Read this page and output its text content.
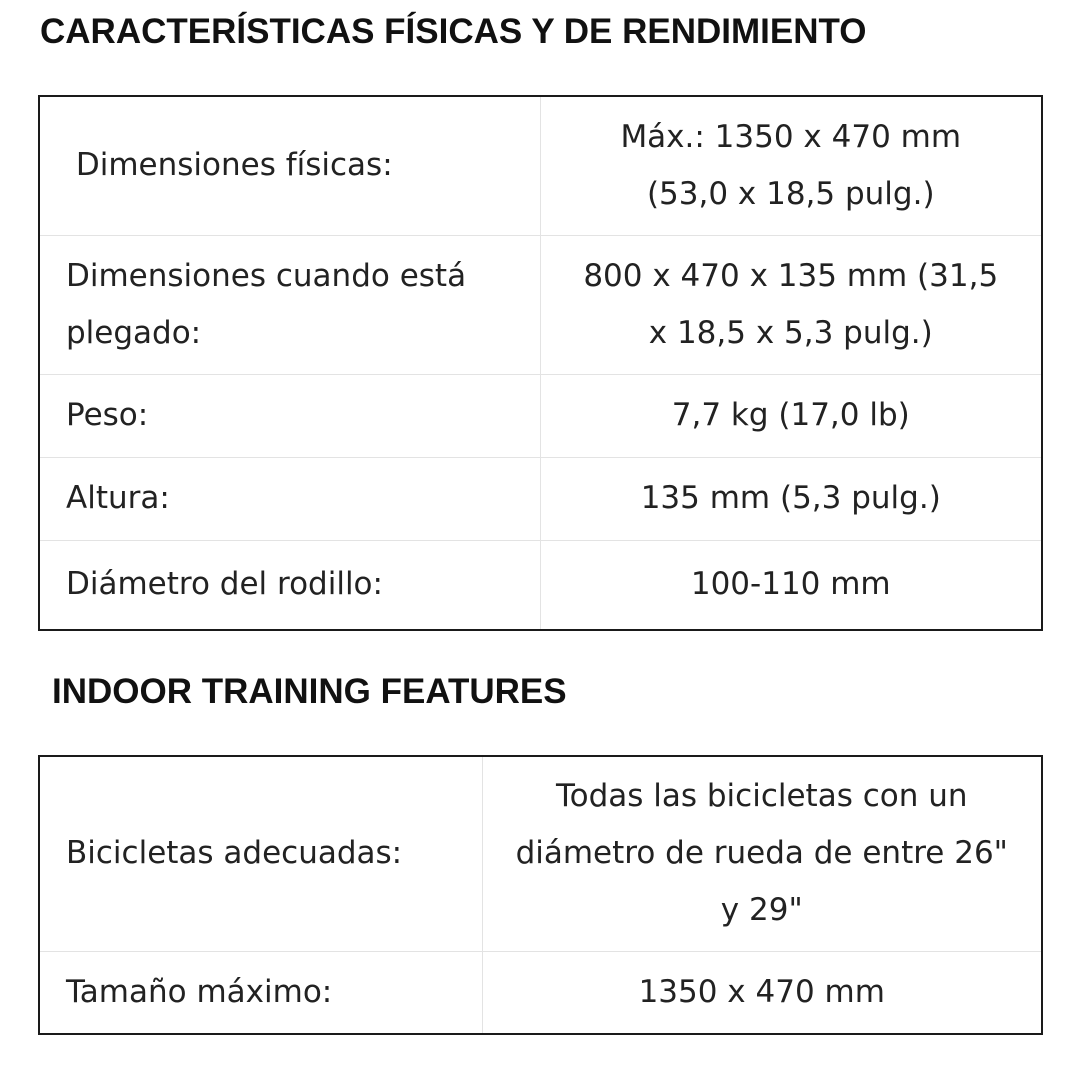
CARACTERÍSTICAS FÍSICAS Y DE RENDIMIENTO
Dimensiones físicas:	Máx.: 1350 x 470 mm (53,0 x 18,5 pulg.)
Dimensiones cuando está plegado:	800 x 470 x 135 mm (31,5 x 18,5 x 5,3 pulg.)
Peso:	7,7 kg (17,0 lb)
Altura:	135 mm (5,3 pulg.)
Diámetro del rodillo:	100-110 mm
INDOOR TRAINING FEATURES
Bicicletas adecuadas:	Todas las bicicletas con un diámetro de rueda de entre 26" y 29"
Tamaño máximo:	1350 x 470 mm
